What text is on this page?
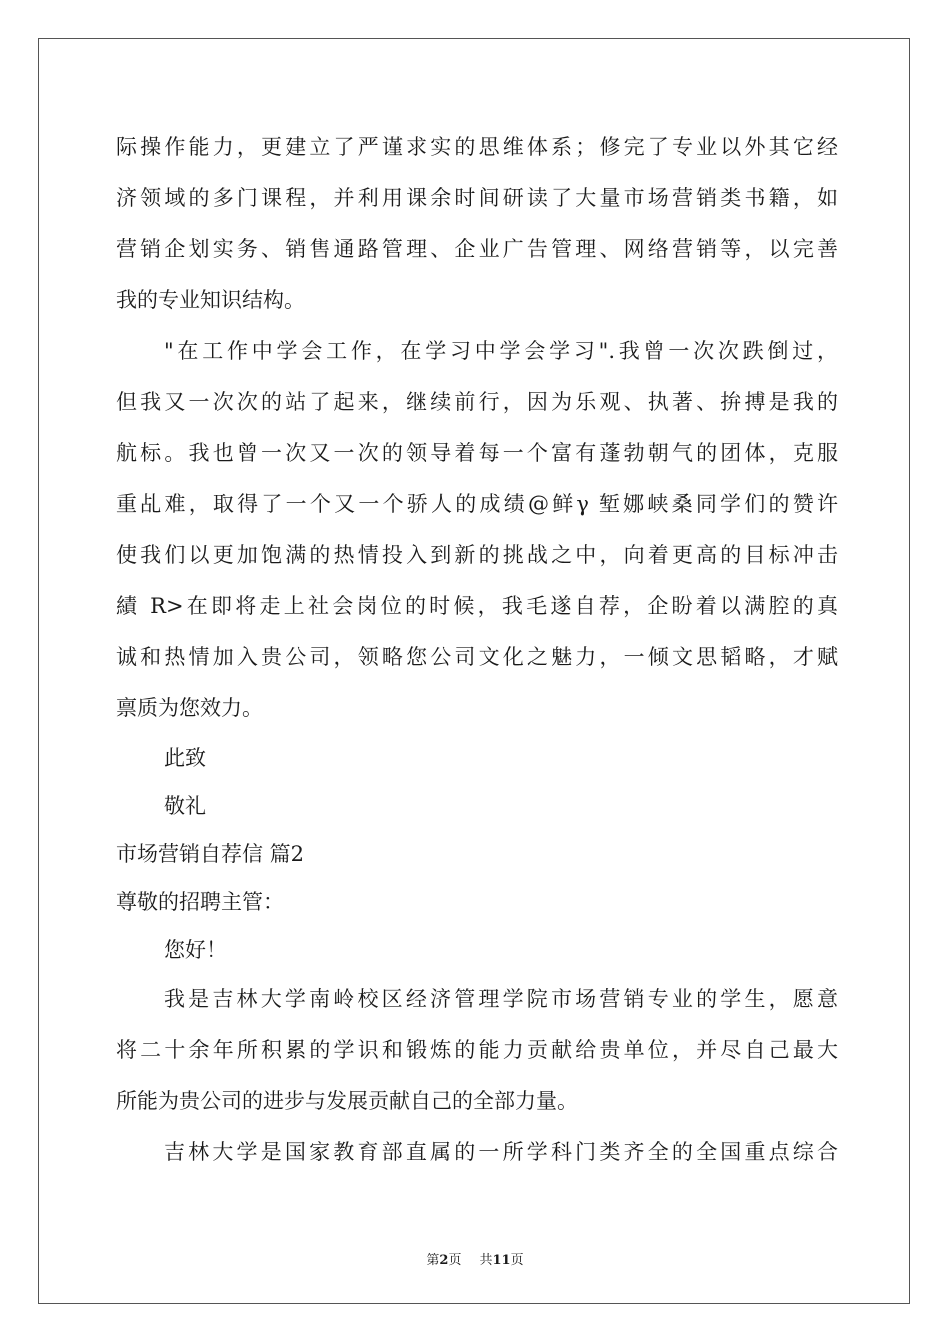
际操作能力，更建立了严谨求实的思维体系；修完了专业以外其它经
济领域的多门课程，并利用课余时间研读了大量市场营销类书籍，如
营销企划实务、销售通路管理、企业广告管理、网络营销等，以完善
我的专业知识结构。
"在工作中学会工作，在学习中学会学习".我曾一次次跌倒过，
但我又一次次的站了起来，继续前行，因为乐观、执著、拚搏是我的
航标。我也曾一次又一次的领导着每一个富有蓬勃朝气的团体，克服
重乩难，取得了一个又一个骄人的成绩@鲜γ 堑娜峡桑同学们的赞许
使我们以更加饱满的热情投入到新的挑战之中，向着更高的目标冲击
績 R>在即将走上社会岗位的时候，我毛遂自荐，企盼着以满腔的真
诚和热情加入贵公司，领略您公司文化之魅力，一倾文思韬略，才赋
禀质为您效力。
此致
敬礼
市场营销自荐信 篇2
尊敬的招聘主管：
您好！
我是吉林大学南岭校区经济管理学院市场营销专业的学生，愿意
将二十余年所积累的学识和锻炼的能力贡献给贵单位，并尽自己最大
所能为贵公司的进步与发展贡献自己的全部力量。
吉林大学是国家教育部直属的一所学科门类齐全的全国重点综合
第2页 共11页
